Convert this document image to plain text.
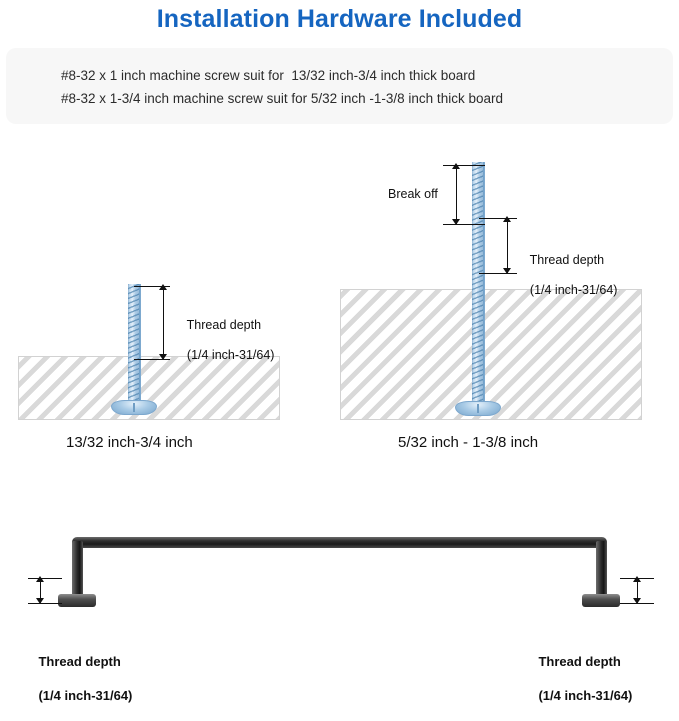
Installation Hardware Included
#8-32 x 1 inch machine screw suit for  13/32 inch-3/4 inch thick board
#8-32 x 1-3/4 inch machine screw suit for 5/32 inch -1-3/8 inch thick board

Thread depth

(1/4 inch-31/64)

13/32 inch-3/4 inch
Break off

Thread depth

(1/4 inch-31/64)

5/32 inch - 1-3/8 inch

Thread depth

(1/4 inch-31/64)

Thread depth

(1/4 inch-31/64)
